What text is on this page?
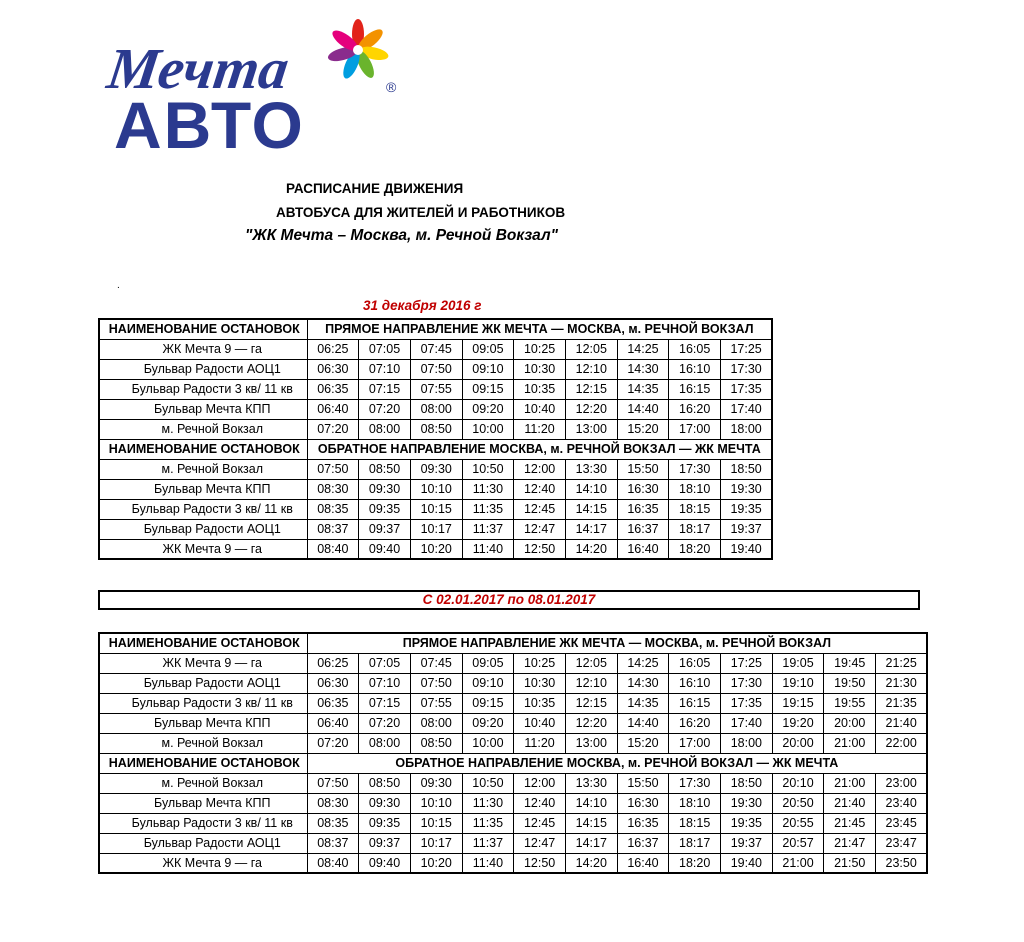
Мечта
АВТО
®
РАСПИСАНИЕ ДВИЖЕНИЯ
АВТОБУСА ДЛЯ ЖИТЕЛЕЙ И РАБОТНИКОВ
"ЖК Мечта – Москва, м. Речной Вокзал"
.
31 декабря 2016 г
НАИМЕНОВАНИЕ ОСТАНОВОК	ПРЯМОЕ НАПРАВЛЕНИЕ ЖК МЕЧТА — МОСКВА, м. РЕЧНОЙ ВОКЗАЛ								
ЖК Мечта 9 — га	06:25	07:05	07:45	09:05	10:25	12:05	14:25	16:05	17:25
Бульвар Радости АОЦ1	06:30	07:10	07:50	09:10	10:30	12:10	14:30	16:10	17:30
Бульвар Радости 3 кв/ 11 кв	06:35	07:15	07:55	09:15	10:35	12:15	14:35	16:15	17:35
Бульвар Мечта КПП	06:40	07:20	08:00	09:20	10:40	12:20	14:40	16:20	17:40
м. Речной Вокзал	07:20	08:00	08:50	10:00	11:20	13:00	15:20	17:00	18:00
НАИМЕНОВАНИЕ ОСТАНОВОК	ОБРАТНОЕ НАПРАВЛЕНИЕ МОСКВА, м. РЕЧНОЙ ВОКЗАЛ — ЖК МЕЧТА								
м. Речной Вокзал	07:50	08:50	09:30	10:50	12:00	13:30	15:50	17:30	18:50
Бульвар Мечта КПП	08:30	09:30	10:10	11:30	12:40	14:10	16:30	18:10	19:30
Бульвар Радости 3 кв/ 11 кв	08:35	09:35	10:15	11:35	12:45	14:15	16:35	18:15	19:35
Бульвар Радости АОЦ1	08:37	09:37	10:17	11:37	12:47	14:17	16:37	18:17	19:37
ЖК Мечта 9 — га	08:40	09:40	10:20	11:40	12:50	14:20	16:40	18:20	19:40
С 02.01.2017 по 08.01.2017
НАИМЕНОВАНИЕ ОСТАНОВОК	ПРЯМОЕ НАПРАВЛЕНИЕ ЖК МЕЧТА — МОСКВА, м. РЕЧНОЙ ВОКЗАЛ											
ЖК Мечта 9 — га	06:25	07:05	07:45	09:05	10:25	12:05	14:25	16:05	17:25	19:05	19:45	21:25
Бульвар Радости АОЦ1	06:30	07:10	07:50	09:10	10:30	12:10	14:30	16:10	17:30	19:10	19:50	21:30
Бульвар Радости 3 кв/ 11 кв	06:35	07:15	07:55	09:15	10:35	12:15	14:35	16:15	17:35	19:15	19:55	21:35
Бульвар Мечта КПП	06:40	07:20	08:00	09:20	10:40	12:20	14:40	16:20	17:40	19:20	20:00	21:40
м. Речной Вокзал	07:20	08:00	08:50	10:00	11:20	13:00	15:20	17:00	18:00	20:00	21:00	22:00
НАИМЕНОВАНИЕ ОСТАНОВОК	ОБРАТНОЕ НАПРАВЛЕНИЕ МОСКВА, м. РЕЧНОЙ ВОКЗАЛ — ЖК МЕЧТА											
м. Речной Вокзал	07:50	08:50	09:30	10:50	12:00	13:30	15:50	17:30	18:50	20:10	21:00	23:00
Бульвар Мечта КПП	08:30	09:30	10:10	11:30	12:40	14:10	16:30	18:10	19:30	20:50	21:40	23:40
Бульвар Радости 3 кв/ 11 кв	08:35	09:35	10:15	11:35	12:45	14:15	16:35	18:15	19:35	20:55	21:45	23:45
Бульвар Радости АОЦ1	08:37	09:37	10:17	11:37	12:47	14:17	16:37	18:17	19:37	20:57	21:47	23:47
ЖК Мечта 9 — га	08:40	09:40	10:20	11:40	12:50	14:20	16:40	18:20	19:40	21:00	21:50	23:50
